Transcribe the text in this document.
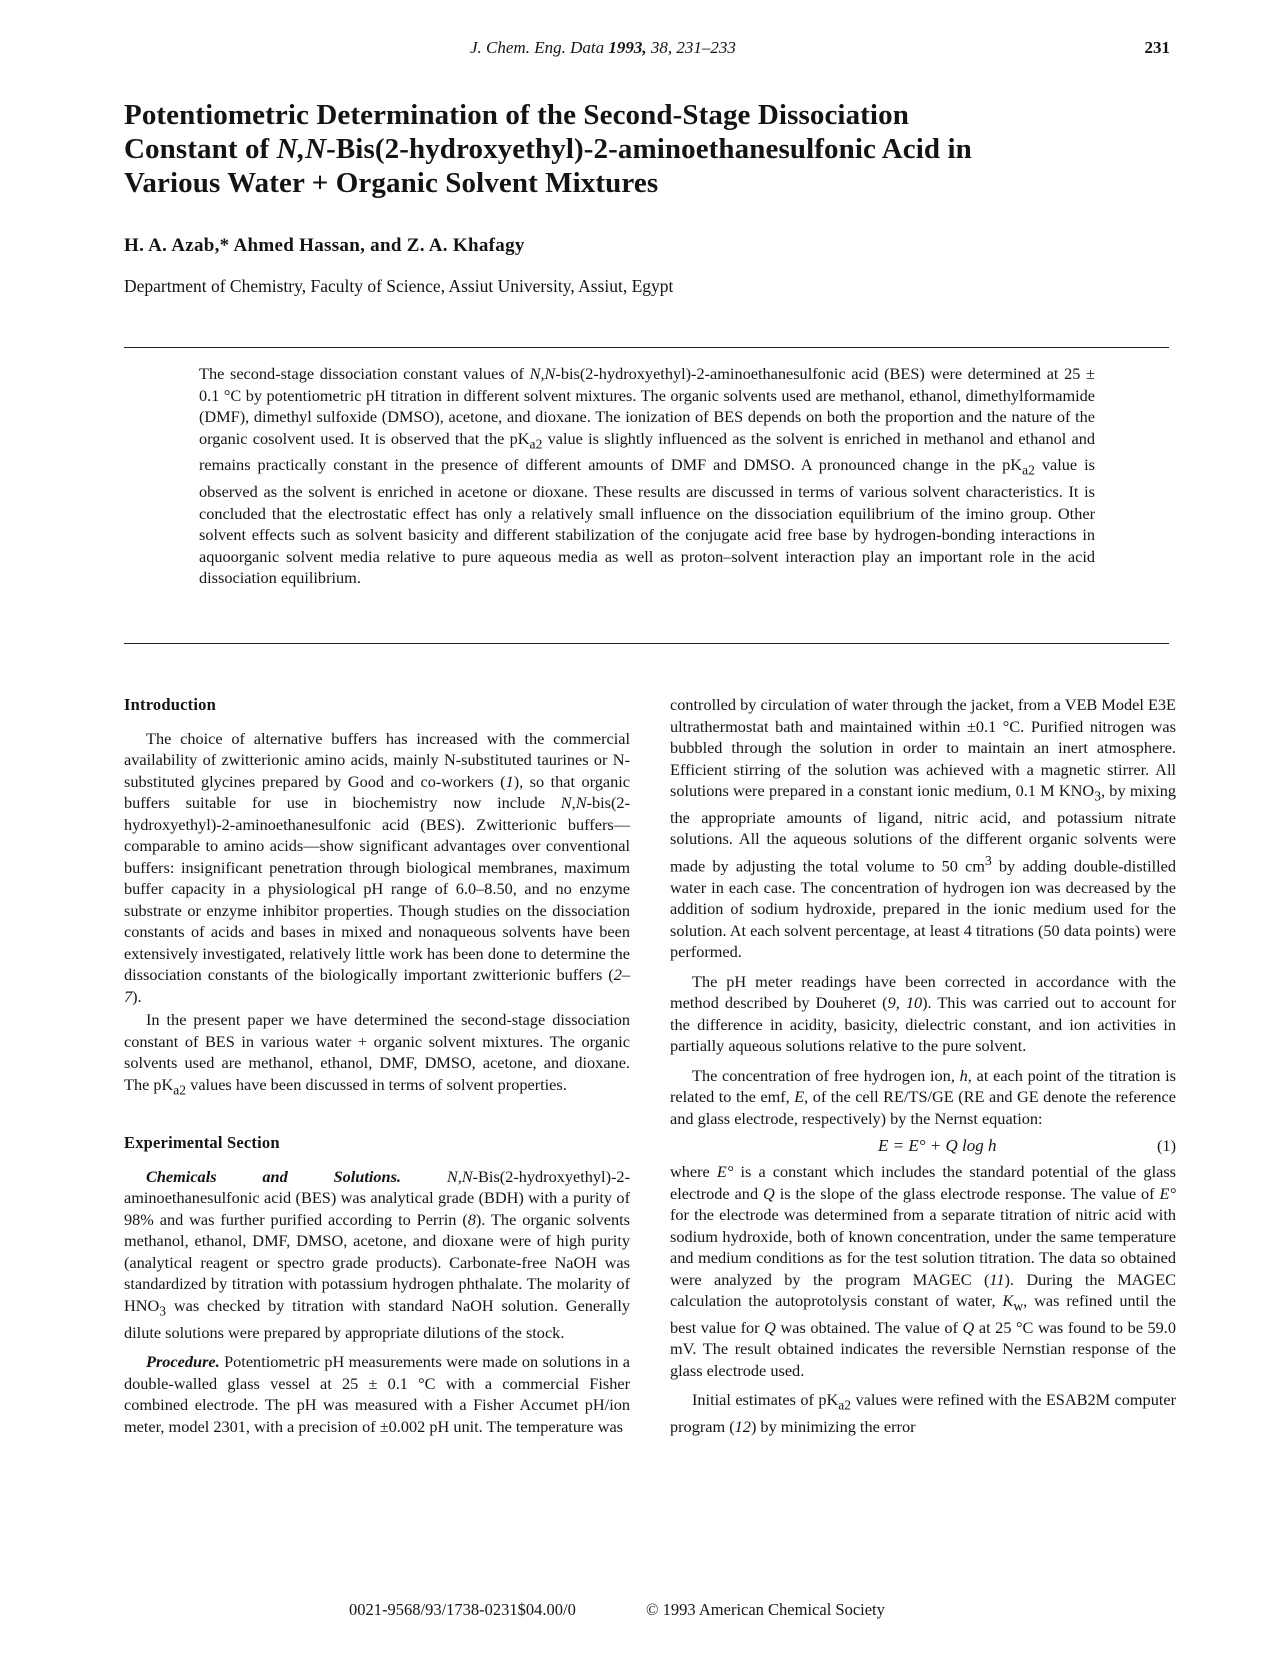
J. Chem. Eng. Data 1993, 38, 231–233	231
Potentiometric Determination of the Second-Stage Dissociation
Constant of N,N-Bis(2-hydroxyethyl)-2-aminoethanesulfonic Acid in
Various Water + Organic Solvent Mixtures
H. A. Azab,* Ahmed Hassan, and Z. A. Khafagy
Department of Chemistry, Faculty of Science, Assiut University, Assiut, Egypt

The second-stage dissociation constant values of N,N-bis(2-hydroxyethyl)-2-aminoethanesulfonic acid (BES) were determined at 25 ± 0.1 °C by potentiometric pH titration in different solvent mixtures. The organic solvents used are methanol, ethanol, dimethylformamide (DMF), dimethyl sulfoxide (DMSO), acetone, and dioxane. The ionization of BES depends on both the proportion and the nature of the organic cosolvent used. It is observed that the $pK_{a2}$ value is slightly influenced as the solvent is enriched in methanol and ethanol and remains practically constant in the presence of different amounts of DMF and DMSO. A pronounced change in the $pK_{a2}$ value is observed as the solvent is enriched in acetone or dioxane. These results are discussed in terms of various solvent characteristics. It is concluded that the electrostatic effect has only a relatively small influence on the dissociation equilibrium of the imino group. Other solvent effects such as solvent basicity and different stabilization of the conjugate acid free base by hydrogen-bonding interactions in aquoorganic solvent media relative to pure aqueous media as well as proton–solvent interaction play an important role in the acid dissociation equilibrium.

Introduction

The choice of alternative buffers has increased with the commercial availability of zwitterionic amino acids, mainly N-substituted taurines or N-substituted glycines prepared by Good and co-workers (1), so that organic buffers suitable for use in biochemistry now include N,N-bis(2-hydroxyethyl)-2-aminoethanesulfonic acid (BES). Zwitterionic buffers—comparable to amino acids—show significant advantages over conventional buffers: insignificant penetration through biological membranes, maximum buffer capacity in a physiological pH range of 6.0–8.50, and no enzyme substrate or enzyme inhibitor properties. Though studies on the dissociation constants of acids and bases in mixed and nonaqueous solvents have been extensively investigated, relatively little work has been done to determine the dissociation constants of the biologically important zwitterionic buffers (2–7).

In the present paper we have determined the second-stage dissociation constant of BES in various water + organic solvent mixtures. The organic solvents used are methanol, ethanol, DMF, DMSO, acetone, and dioxane. The $pK_{a2}$ values have been discussed in terms of solvent properties.

Experimental Section

Chemicals and Solutions.	N,N-Bis(2-hydroxyethyl)-2-aminoethanesulfonic acid (BES) was analytical grade (BDH) with a purity of 98% and was further purified according to Perrin (8). The organic solvents methanol, ethanol, DMF, DMSO, acetone, and dioxane were of high purity (analytical reagent or spectro grade products). Carbonate-free NaOH was standardized by titration with potassium hydrogen phthalate. The molarity of $HNO_3$ was checked by titration with standard NaOH solution. Generally dilute solutions were prepared by appropriate dilutions of the stock.

Procedure. Potentiometric pH measurements were made on solutions in a double-walled glass vessel at 25 ± 0.1 °C with a commercial Fisher combined electrode. The pH was measured with a Fisher Accumet pH/ion meter, model 2301, with a precision of ±0.002 pH unit. The temperature was

controlled by circulation of water through the jacket, from a VEB Model E3E ultrathermostat bath and maintained within ±0.1 °C. Purified nitrogen was bubbled through the solution in order to maintain an inert atmosphere. Efficient stirring of the solution was achieved with a magnetic stirrer. All solutions were prepared in a constant ionic medium, 0.1 M $KNO_3$, by mixing the appropriate amounts of ligand, nitric acid, and potassium nitrate solutions. All the aqueous solutions of the different organic solvents were made by adjusting the total volume to 50 $cm^3$ by adding double-distilled water in each case. The concentration of hydrogen ion was decreased by the addition of sodium hydroxide, prepared in the ionic medium used for the solution. At each solvent percentage, at least 4 titrations (50 data points) were performed.

The pH meter readings have been corrected in accordance with the method described by Douheret (9, 10). This was carried out to account for the difference in acidity, basicity, dielectric constant, and ion activities in partially aqueous solutions relative to the pure solvent.

The concentration of free hydrogen ion, h, at each point of the titration is related to the emf, E, of the cell RE/TS/GE (RE and GE denote the reference and glass electrode, respectively) by the Nernst equation:

E = E° + Q log h	(1)

where E° is a constant which includes the standard potential of the glass electrode and Q is the slope of the glass electrode response. The value of E° for the electrode was determined from a separate titration of nitric acid with sodium hydroxide, both of known concentration, under the same temperature and medium conditions as for the test solution titration. The data so obtained were analyzed by the program MAGEC (11). During the MAGEC calculation the autoprotolysis constant of water, $K_w$, was refined until the best value for Q was obtained. The value of Q at 25 °C was found to be 59.0 mV. The result obtained indicates the reversible Nernstian response of the glass electrode used.

Initial estimates of $pK_{a2}$ values were refined with the ESAB2M computer program (12) by minimizing the error

0021-9568/93/1738-0231$04.00/0	© 1993 American Chemical Society
